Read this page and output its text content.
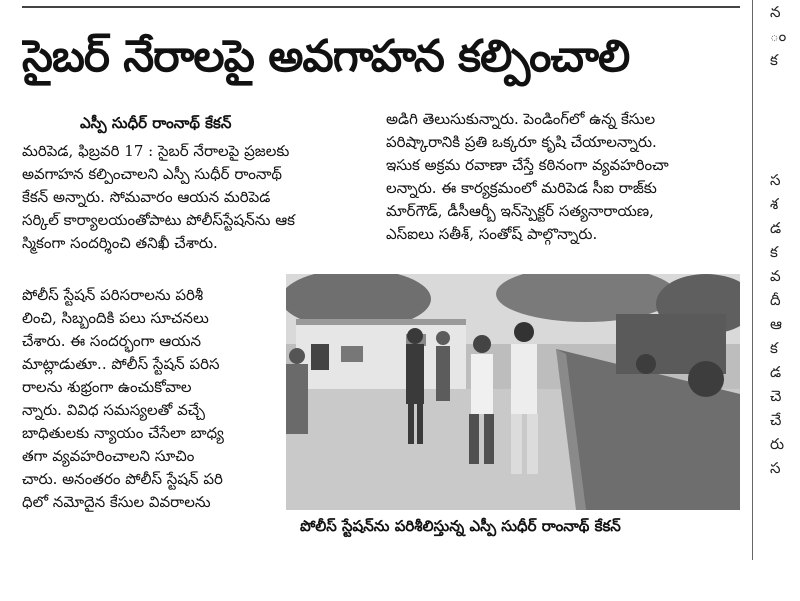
సైబర్ నేరాలపై అవగాహన కల్పించాలి
ఎస్పీ సుధీర్ రాంనాథ్ కేకన్

మరిపెడ, ఫిబ్రవరి 17 : సైబర్ నేరాలపై ప్రజలకు

అవగాహన కల్పించాలని ఎస్పీ సుధీర్ రాంనాథ్

కేకన్ అన్నారు. సోమవారం ఆయన మరిపెడ

సర్కిల్ కార్యాలయంతోపాటు పోలీస్‌స్టేషన్‌ను ఆక

స్మికంగా సందర్శించి తనిఖీ చేశారు.

పోలీస్ స్టేషన్ పరిసరాలను పరిశీ

లించి, సిబ్బందికి పలు సూచనలు

చేశారు. ఈ సందర్భంగా ఆయన

మాట్లాడుతూ.. పోలీస్ స్టేషన్ పరిస

రాలను శుభ్రంగా ఉంచుకోవాల

న్నారు. వివిధ సమస్యలతో వచ్చే

బాధితులకు న్యాయం చేసేలా బాధ్య

తగా వ్యవహరించాలని సూచిం

చారు. అనంతరం పోలీస్ స్టేషన్ పరి

ధిలో నమోదైన కేసుల వివరాలను

అడిగి తెలుసుకున్నారు. పెండింగ్‌లో ఉన్న కేసుల

పరిష్కారానికి ప్రతి ఒక్కరూ కృషి చేయాలన్నారు.

ఇసుక అక్రమ రవాణా చేస్తే కఠినంగా వ్యవహరించా

లన్నారు. ఈ కార్యక్రమంలో మరిపెడ సీఐ రాజ్‌కు

మార్‌గౌడ్, డీసీఆర్బీ ఇన్‌స్పెక్టర్ సత్యనారాయణ,

ఎస్ఐలు సతీశ్, సంతోష్ పాల్గొన్నారు.

పోలీస్ స్టేషన్‌ను పరిశీలిస్తున్న ఎస్పీ సుధీర్ రాంనాథ్ కేకన్
న
ం
క
స
శ
డ
క
వ
దీ
ఆ
క
డ
చె
చే
రు
స
